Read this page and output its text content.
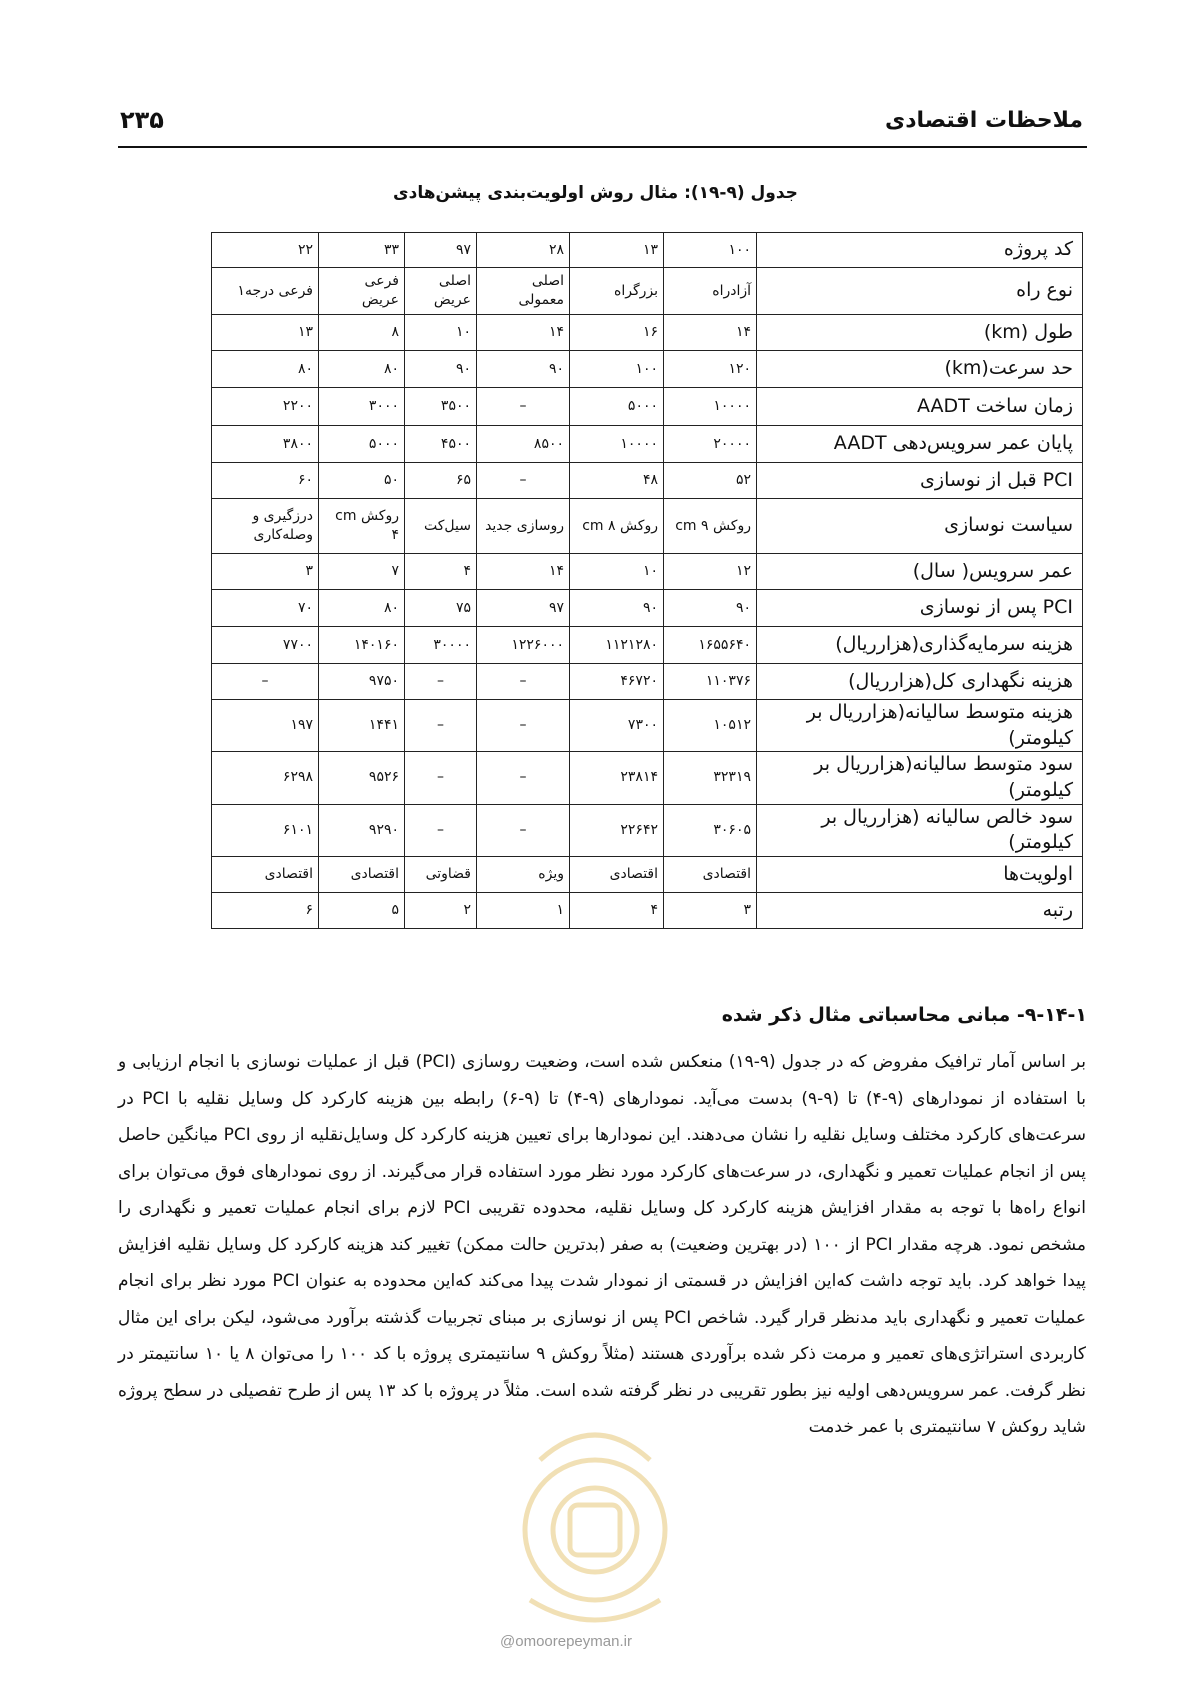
ملاحظات اقتصادی
۲۳۵
جدول (۹-۱۹): مثال روش اولویت‌بندی پیشن‌هادی
کد پروژه	۱۰۰	۱۳	۲۸	۹۷	۳۳	۲۲
نوع راه	آزادراه	بزرگراه	اصلی معمولی	اصلی عریض	فرعی عریض	فرعی درجه۱
طول (km)	۱۴	۱۶	۱۴	۱۰	۸	۱۳
حد سرعت(km)	۱۲۰	۱۰۰	۹۰	۹۰	۸۰	۸۰
زمان ساخت AADT	۱۰۰۰۰	۵۰۰۰	–	۳۵۰۰	۳۰۰۰	۲۲۰۰
پایان عمر سرویس‌دهی AADT	۲۰۰۰۰	۱۰۰۰۰	۸۵۰۰	۴۵۰۰	۵۰۰۰	۳۸۰۰
PCI قبل از نوسازی	۵۲	۴۸	–	۶۵	۵۰	۶۰
سیاست نوسازی	روکش cm ۹	روکش cm ۸	روسازی جدید	سیل‌کت	روکش cm ۴	درزگیری و وصله‌کاری
عمر سرویس( سال)	۱۲	۱۰	۱۴	۴	۷	۳
PCI پس از نوسازی	۹۰	۹۰	۹۷	۷۵	۸۰	۷۰
هزینه سرمایه‌گذاری(هزارریال)	۱۶۵۵۶۴۰	۱۱۲۱۲۸۰	۱۲۲۶۰۰۰	۳۰۰۰۰	۱۴۰۱۶۰	۷۷۰۰
هزینه نگهداری کل(هزارریال)	۱۱۰۳۷۶	۴۶۷۲۰	–	–	۹۷۵۰	–
هزینه متوسط سالیانه(هزارریال بر کیلومتر)	۱۰۵۱۲	۷۳۰۰	–	–	۱۴۴۱	۱۹۷
سود متوسط سالیانه(هزارریال بر کیلومتر)	۳۲۳۱۹	۲۳۸۱۴	–	–	۹۵۲۶	۶۲۹۸
سود خالص سالیانه (هزارریال بر کیلومتر)	۳۰۶۰۵	۲۲۶۴۲	–	–	۹۲۹۰	۶۱۰۱
اولویت‌ها	اقتصادی	اقتصادی	ویژه	قضاوتی	اقتصادی	اقتصادی
رتبه	۳	۴	۱	۲	۵	۶
۹-۱۴-۱- مبانی محاسباتی مثال ذکر شده
بر اساس آمار ترافیک مفروض که در جدول (۹-۱۹) منعکس شده است، وضعیت روسازی (PCI) قبل از عملیات نوسازی با انجام ارزیابی و با استفاده از نمودارهای (۹-۴) تا (۹-۹) بدست می‌آید. نمودارهای (۹-۴) تا (۹-۶) رابطه بین هزینه کارکرد کل وسایل نقلیه با PCI در سرعت‌های کارکرد مختلف وسایل نقلیه را نشان می‌دهند. این نمودارها برای تعیین هزینه کارکرد کل وسایل‌نقلیه از روی PCI میانگین حاصل پس از انجام عملیات تعمیر و نگهداری، در سرعت‌های کارکرد مورد نظر مورد استفاده قرار می‌گیرند. از روی نمودارهای فوق می‌توان برای انواع راه‌ها با توجه به مقدار افزایش هزینه کارکرد کل وسایل نقلیه، محدوده تقریبی PCI لازم برای انجام عملیات تعمیر و نگهداری را مشخص نمود. هرچه مقدار PCI از ۱۰۰ (در بهترین وضعیت) به صفر (بدترین حالت ممکن) تغییر کند هزینه کارکرد کل وسایل نقلیه افزایش پیدا خواهد کرد. باید توجه داشت که‌این افزایش در قسمتی از نمودار شدت پیدا می‌کند که‌این محدوده به عنوان PCI مورد نظر برای انجام عملیات تعمیر و نگهداری باید مدنظر قرار گیرد. شاخص PCI پس از نوسازی بر مبنای تجربیات گذشته برآورد می‌شود، لیکن برای این مثال کاربردی استراتژی‌های تعمیر و مرمت ذکر شده برآوردی هستند (مثلاً روکش ۹ سانتیمتری پروژه با کد ۱۰۰ را می‌توان ۸ یا ۱۰ سانتیمتر در نظر گرفت. عمر سرویس‌دهی اولیه نیز بطور تقریبی در نظر گرفته شده است. مثلاً در پروژه با کد ۱۳ پس از طرح تفصیلی در سطح پروژه شاید روکش ۷ سانتیمتری با عمر خدمت
@omoorepeyman.ir
